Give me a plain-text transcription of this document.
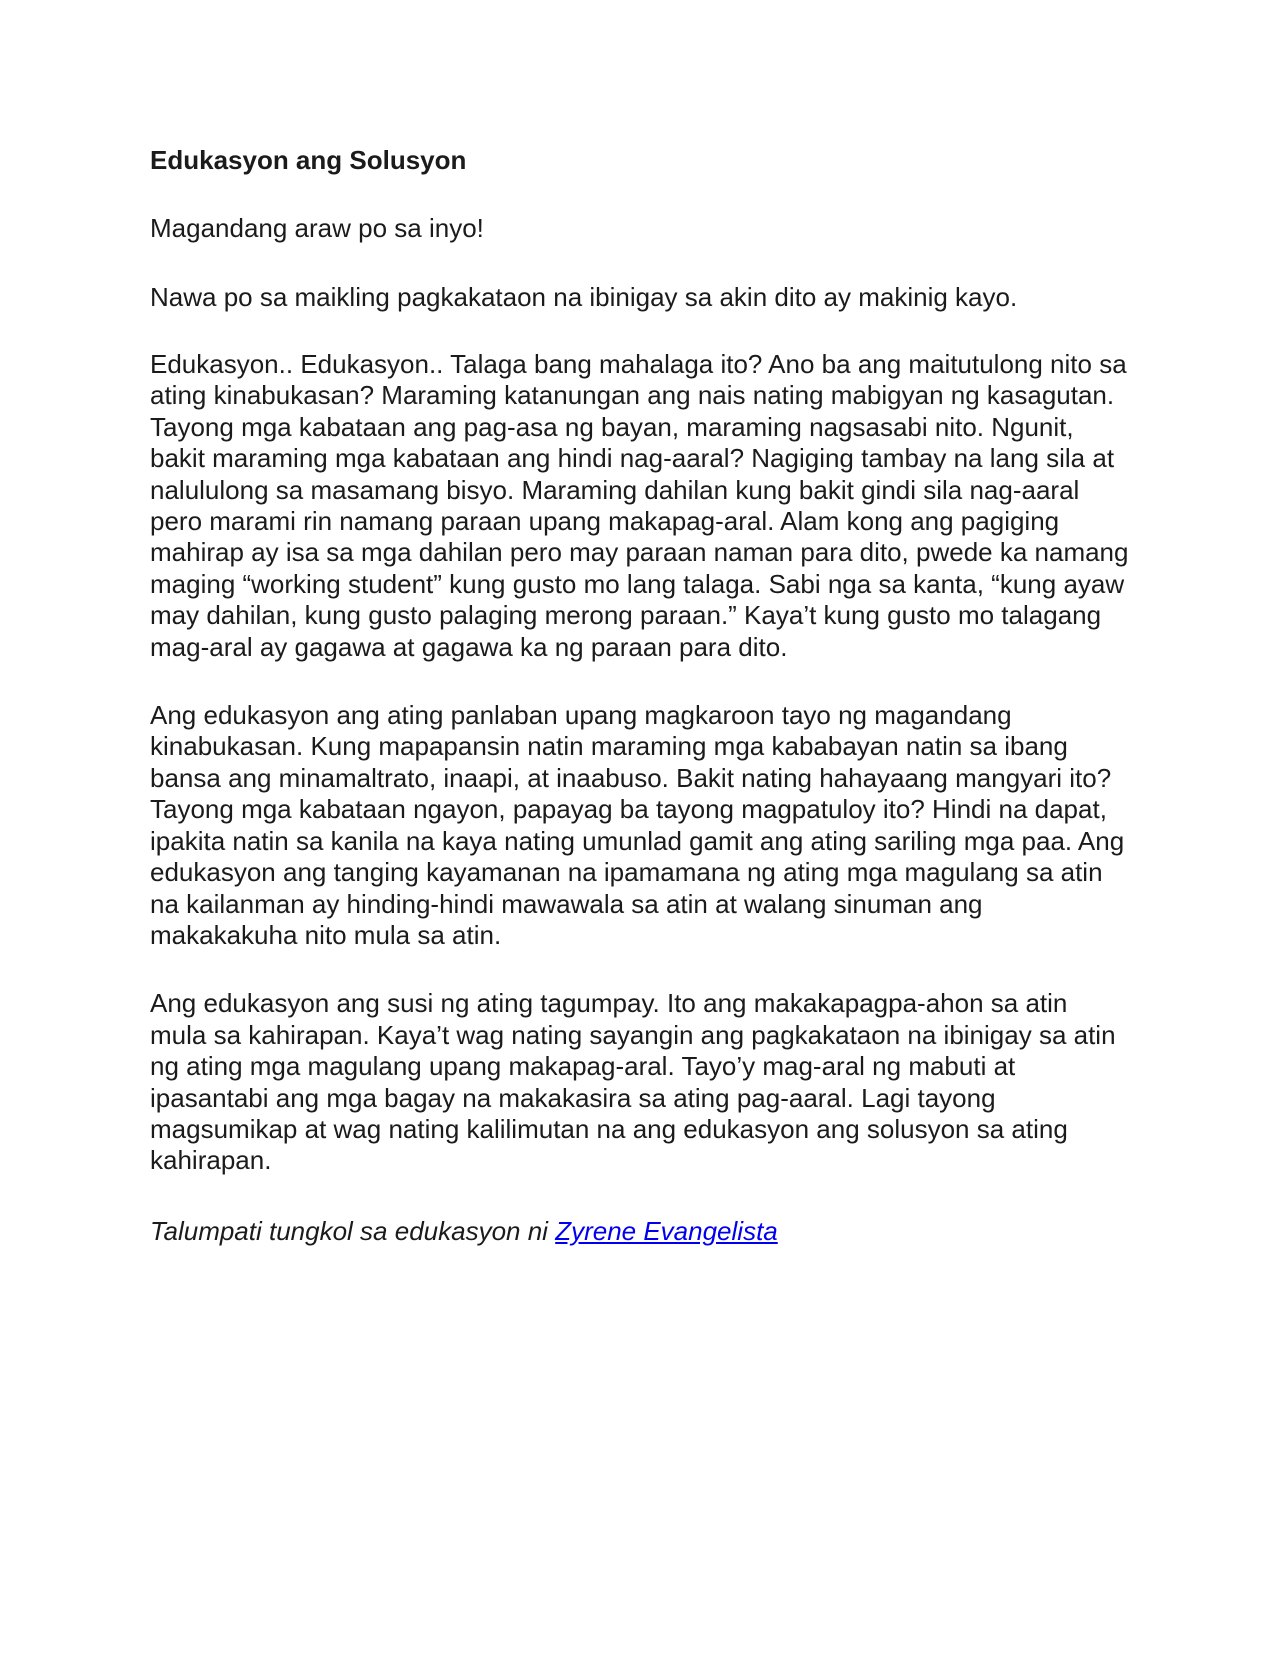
Edukasyon ang Solusyon

Magandang araw po sa inyo!

Nawa po sa maikling pagkakataon na ibinigay sa akin dito ay makinig kayo.

Edukasyon.. Edukasyon.. Talaga bang mahalaga ito? Ano ba ang maitutulong nito sa ating kinabukasan? Maraming katanungan ang nais nating mabigyan ng kasagutan. Tayong mga kabataan ang pag-asa ng bayan, maraming nagsasabi nito. Ngunit, bakit maraming mga kabataan ang hindi nag-aaral? Nagiging tambay na lang sila at nalululong sa masamang bisyo. Maraming dahilan kung bakit gindi sila nag-aaral pero marami rin namang paraan upang makapag-aral. Alam kong ang pagiging mahirap ay isa sa mga dahilan pero may paraan naman para dito, pwede ka namang maging “working student” kung gusto mo lang talaga. Sabi nga sa kanta, “kung ayaw may dahilan, kung gusto palaging merong paraan.” Kaya’t kung gusto mo talagang mag-aral ay gagawa at gagawa ka ng paraan para dito.

Ang edukasyon ang ating panlaban upang magkaroon tayo ng magandang kinabukasan. Kung mapapansin natin maraming mga kababayan natin sa ibang bansa ang minamaltrato, inaapi, at inaabuso. Bakit nating hahayaang mangyari ito? Tayong mga kabataan ngayon, papayag ba tayong magpatuloy ito? Hindi na dapat, ipakita natin sa kanila na kaya nating umunlad gamit ang ating sariling mga paa. Ang edukasyon ang tanging kayamanan na ipamamana ng ating mga magulang sa atin na kailanman ay hinding-hindi mawawala sa atin at walang sinuman ang makakakuha nito mula sa atin.

Ang edukasyon ang susi ng ating tagumpay. Ito ang makakapagpa-ahon sa atin mula sa kahirapan. Kaya’t wag nating sayangin ang pagkakataon na ibinigay sa atin ng ating mga magulang upang makapag-aral. Tayo’y mag-aral ng mabuti at ipasantabi ang mga bagay na makakasira sa ating pag-aaral. Lagi tayong magsumikap at wag nating kalilimutan na ang edukasyon ang solusyon sa ating kahirapan.

Talumpati tungkol sa edukasyon ni Zyrene Evangelista
